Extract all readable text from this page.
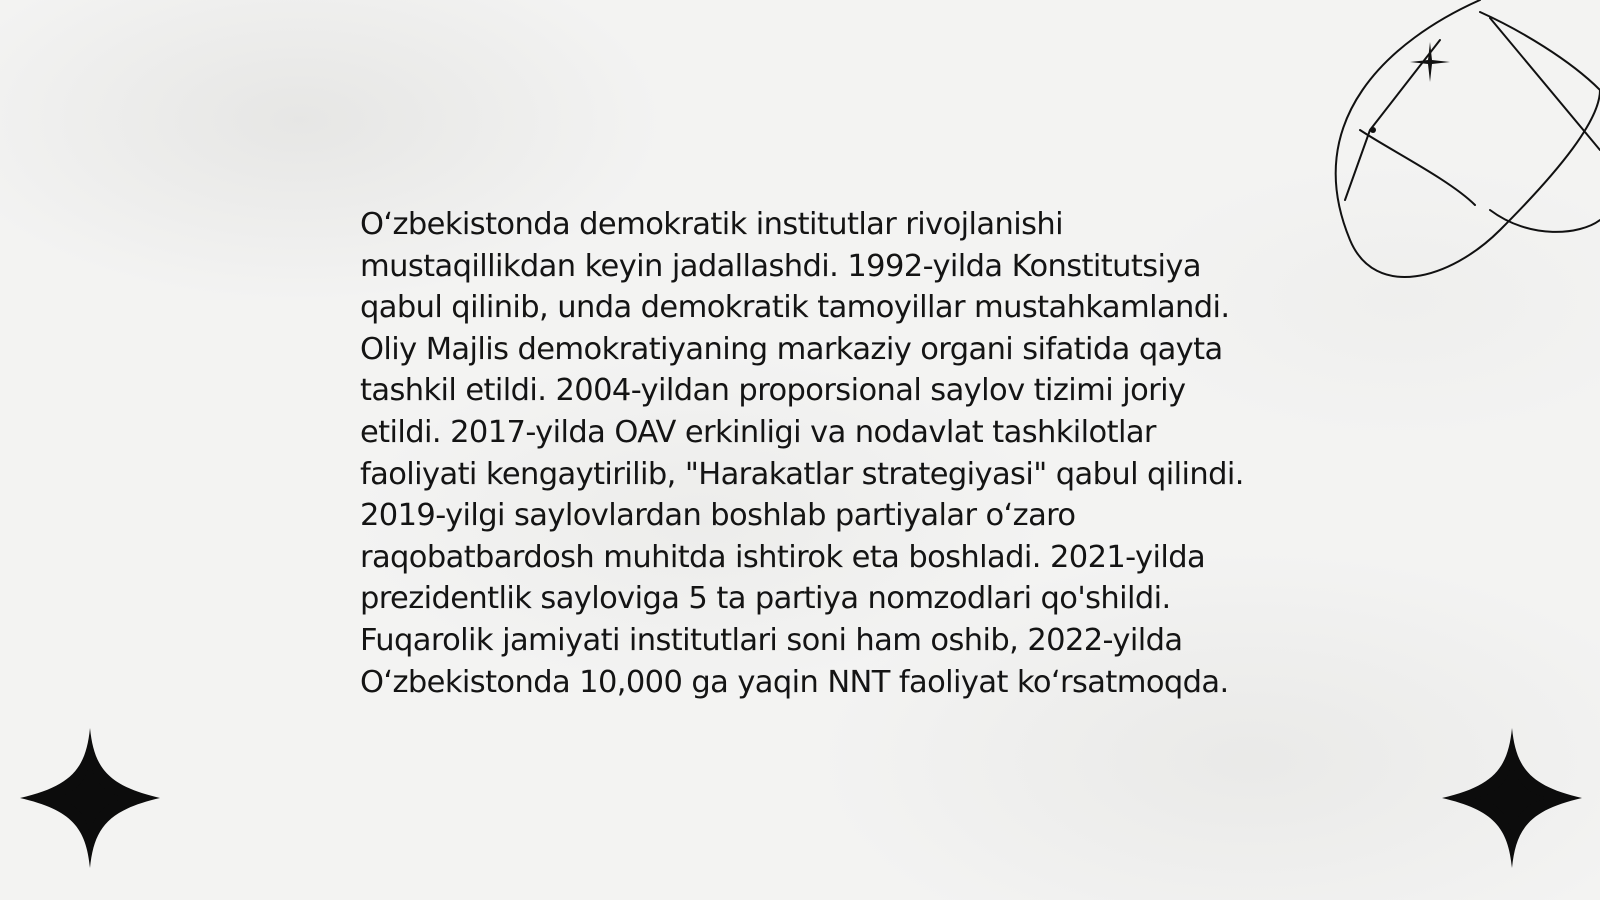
O‘zbekistonda demokratik institutlar rivojlanishi mustaqillikdan keyin jadallashdi. 1992-yilda Konstitutsiya qabul qilinib, unda demokratik tamoyillar mustahkamlandi. Oliy Majlis demokratiyaning markaziy organi sifatida qayta tashkil etildi. 2004-yildan proporsional saylov tizimi joriy etildi. 2017-yilda OAV erkinligi va nodavlat tashkilotlar faoliyati kengaytirilib, "Harakatlar strategiyasi" qabul qilindi. 2019-yilgi saylovlardan boshlab partiyalar o‘zaro raqobatbardosh muhitda ishtirok eta boshladi. 2021-yilda prezidentlik sayloviga 5 ta partiya nomzodlari qo'shildi. Fuqarolik jamiyati institutlari soni ham oshib, 2022-yilda O‘zbekistonda 10,000 ga yaqin NNT faoliyat ko‘rsatmoqda.
